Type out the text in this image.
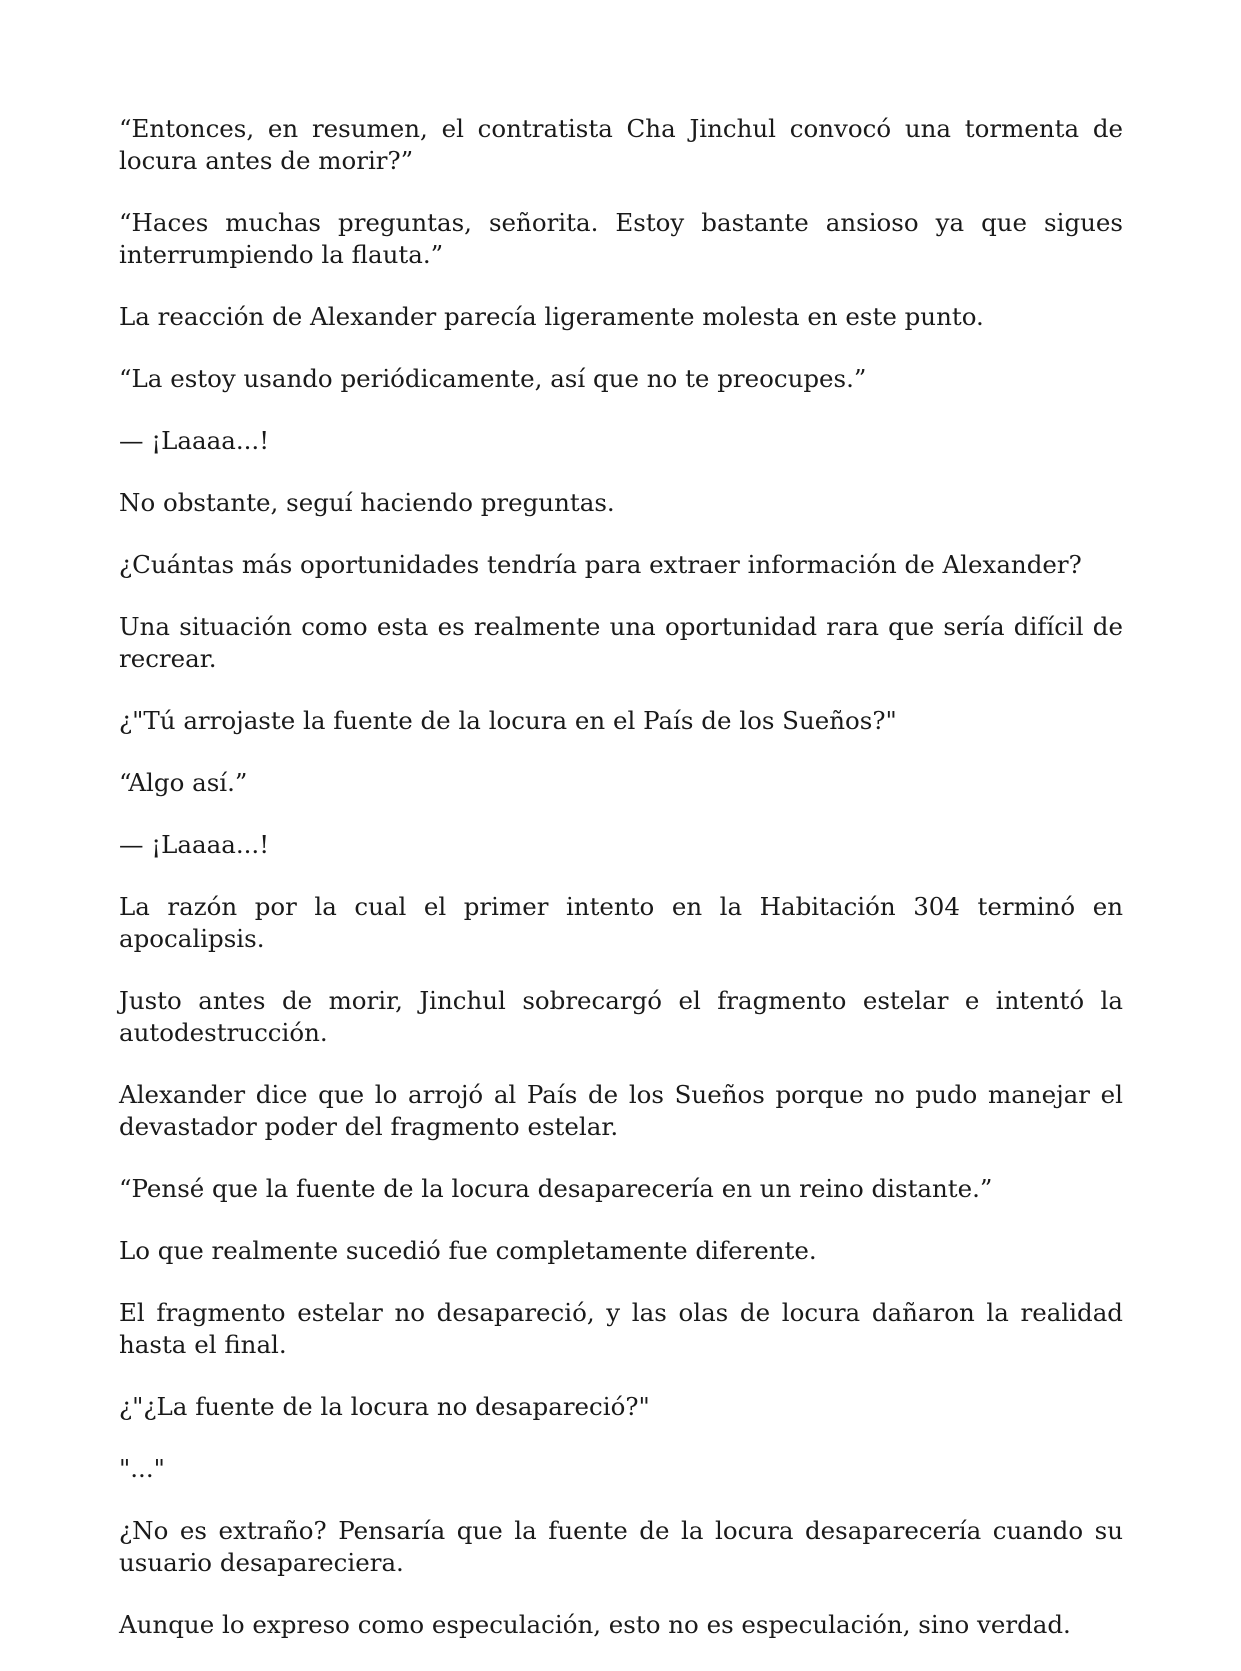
“Entonces, en resumen, el contratista Cha Jinchul convocó una tormenta de locura antes de morir?”

“Haces muchas preguntas, señorita. Estoy bastante ansioso ya que sigues interrumpiendo la flauta.”

La reacción de Alexander parecía ligeramente molesta en este punto.

“La estoy usando periódicamente, así que no te preocupes.”

— ¡Laaaa...!

No obstante, seguí haciendo preguntas.

¿Cuántas más oportunidades tendría para extraer información de Alexander?

Una situación como esta es realmente una oportunidad rara que sería difícil de recrear.

¿"Tú arrojaste la fuente de la locura en el País de los Sueños?"

“Algo así.”

— ¡Laaaa...!

La razón por la cual el primer intento en la Habitación 304 terminó en apocalipsis.

Justo antes de morir, Jinchul sobrecargó el fragmento estelar e intentó la autodestrucción.

Alexander dice que lo arrojó al País de los Sueños porque no pudo manejar el devastador poder del fragmento estelar.

“Pensé que la fuente de la locura desaparecería en un reino distante.”

Lo que realmente sucedió fue completamente diferente.

El fragmento estelar no desapareció, y las olas de locura dañaron la realidad hasta el final.

¿"¿La fuente de la locura no desapareció?"

"..."

¿No es extraño? Pensaría que la fuente de la locura desaparecería cuando su usuario desapareciera.

Aunque lo expreso como especulación, esto no es especulación, sino verdad.
